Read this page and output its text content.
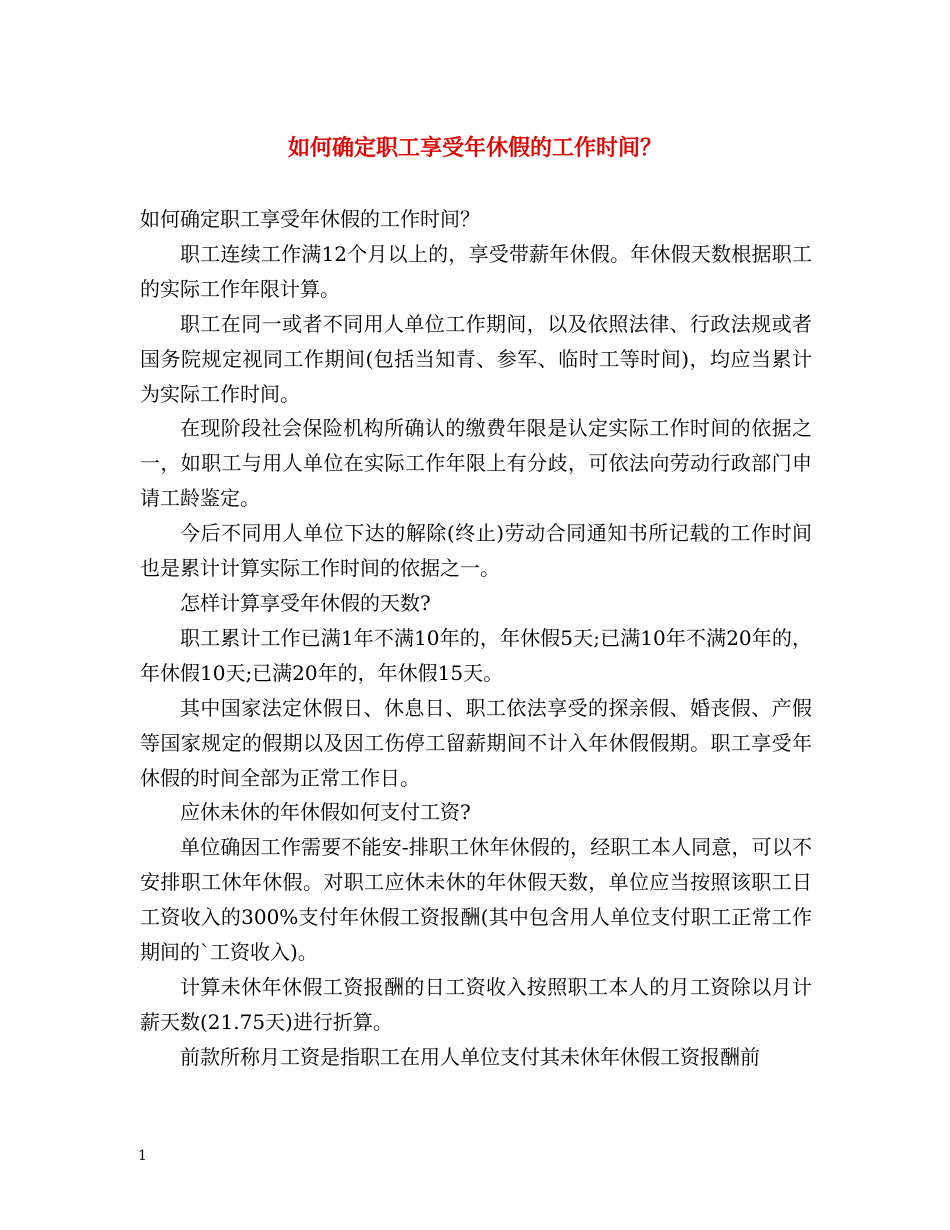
如何确定职工享受年休假的工作时间？

如何确定职工享受年休假的工作时间？

职工连续工作满12个月以上的，享受带薪年休假。年休假天数根据职工的实际工作年限计算。

职工在同一或者不同用人单位工作期间，以及依照法律、行政法规或者国务院规定视同工作期间(包括当知青、参军、临时工等时间)，均应当累计为实际工作时间。

在现阶段社会保险机构所确认的缴费年限是认定实际工作时间的依据之一，如职工与用人单位在实际工作年限上有分歧，可依法向劳动行政部门申请工龄鉴定。

今后不同用人单位下达的解除(终止)劳动合同通知书所记载的工作时间也是累计计算实际工作时间的依据之一。

怎样计算享受年休假的天数?

职工累计工作已满1年不满10年的，年休假5天;已满10年不满20年的，年休假10天;已满20年的，年休假15天。

其中国家法定休假日、休息日、职工依法享受的探亲假、婚丧假、产假等国家规定的假期以及因工伤停工留薪期间不计入年休假假期。职工享受年休假的时间全部为正常工作日。

应休未休的年休假如何支付工资?

单位确因工作需要不能安-排职工休年休假的，经职工本人同意，可以不安排职工休年休假。对职工应休未休的年休假天数，单位应当按照该职工日工资收入的300%支付年休假工资报酬(其中包含用人单位支付职工正常工作期间的`工资收入)。

计算未休年休假工资报酬的日工资收入按照职工本人的月工资除以月计薪天数(21.75天)进行折算。

前款所称月工资是指职工在用人单位支付其未休年休假工资报酬前

1
